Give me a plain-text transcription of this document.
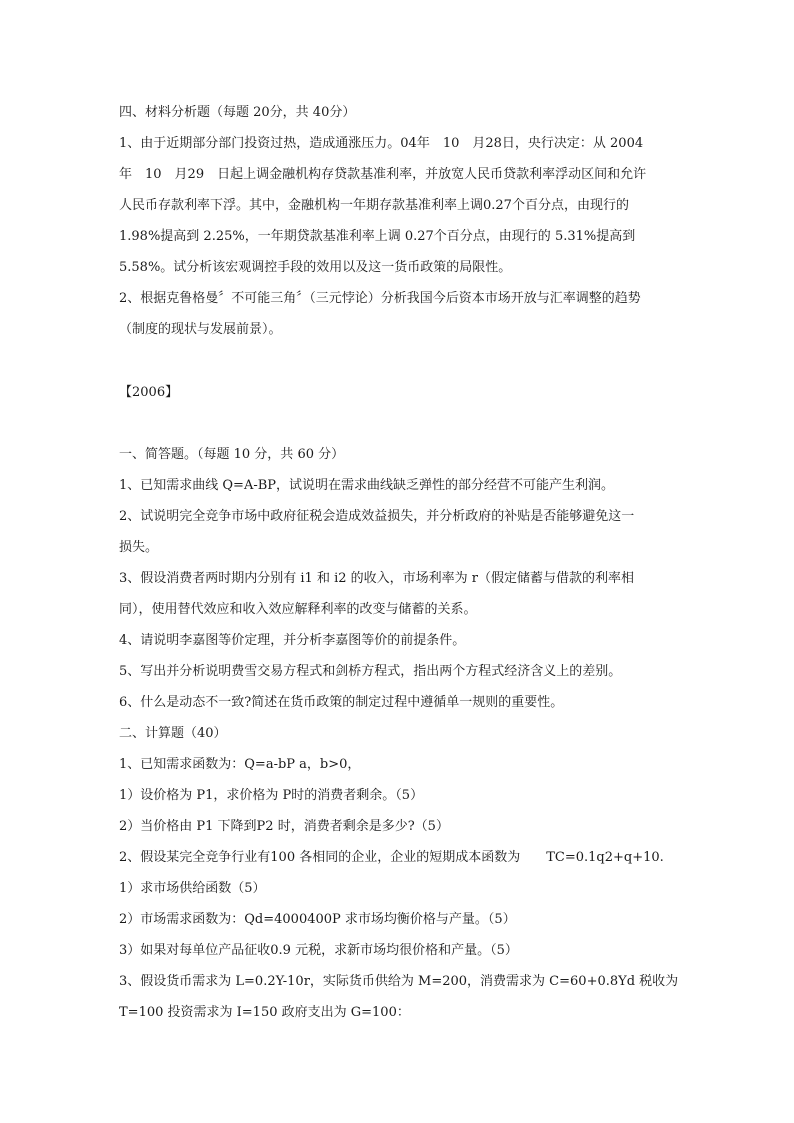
四、材料分析题（每题 20分，共 40分）
1、由于近期部分部门投资过热，造成通涨压力。04年　10　月28日，央行决定：从 2004
年　10　月29　日起上调金融机构存贷款基准利率，并放宽人民币贷款利率浮动区间和允许
人民币存款利率下浮。其中，金融机构一年期存款基准利率上调0.27个百分点，由现行的
1.98%提高到 2.25%，一年期贷款基准利率上调 0.27个百分点，由现行的 5.31%提高到
5.58%。试分析该宏观调控手段的效用以及这一货币政策的局限性。
2、根据克鲁格曼〞不可能三角〞（三元悖论）分析我国今后资本市场开放与汇率调整的趋势
（制度的现状与发展前景）。
【2006】
一、简答题。（每题 10 分，共 60 分）
1、已知需求曲线 Q=A-BP，试说明在需求曲线缺乏弹性的部分经营不可能产生利润。
2、试说明完全竞争市场中政府征税会造成效益损失，并分析政府的补贴是否能够避免这一
损失。
3、假设消费者两时期内分别有 i1 和 i2 的收入，市场利率为 r（假定储蓄与借款的利率相
同），使用替代效应和收入效应解释利率的改变与储蓄的关系。
4、请说明李嘉图等价定理，并分析李嘉图等价的前提条件。
5、写出并分析说明费雪交易方程式和剑桥方程式，指出两个方程式经济含义上的差别。
6、什么是动态不一致?简述在货币政策的制定过程中遵循单一规则的重要性。
二、计算题（40）
1、已知需求函数为：Q=a-bP a，b>0，
1）设价格为 P1，求价格为 P时的消费者剩余。（5）
2）当价格由 P1 下降到P2 时，消费者剩余是多少?（5）
2、假设某完全竞争行业有100 各相同的企业，企业的短期成本函数为　　TC=0.1q2+q+10.
1）求市场供给函数（5）
2）市场需求函数为：Qd=4000400P 求市场均衡价格与产量。（5）
3）如果对每单位产品征收0.9 元税，求新市场均很价格和产量。（5）
3、假设货币需求为 L=0.2Y-10r，实际货币供给为 M=200，消费需求为 C=60+0.8Yd 税收为
T=100 投资需求为 I=150 政府支出为 G=100：
